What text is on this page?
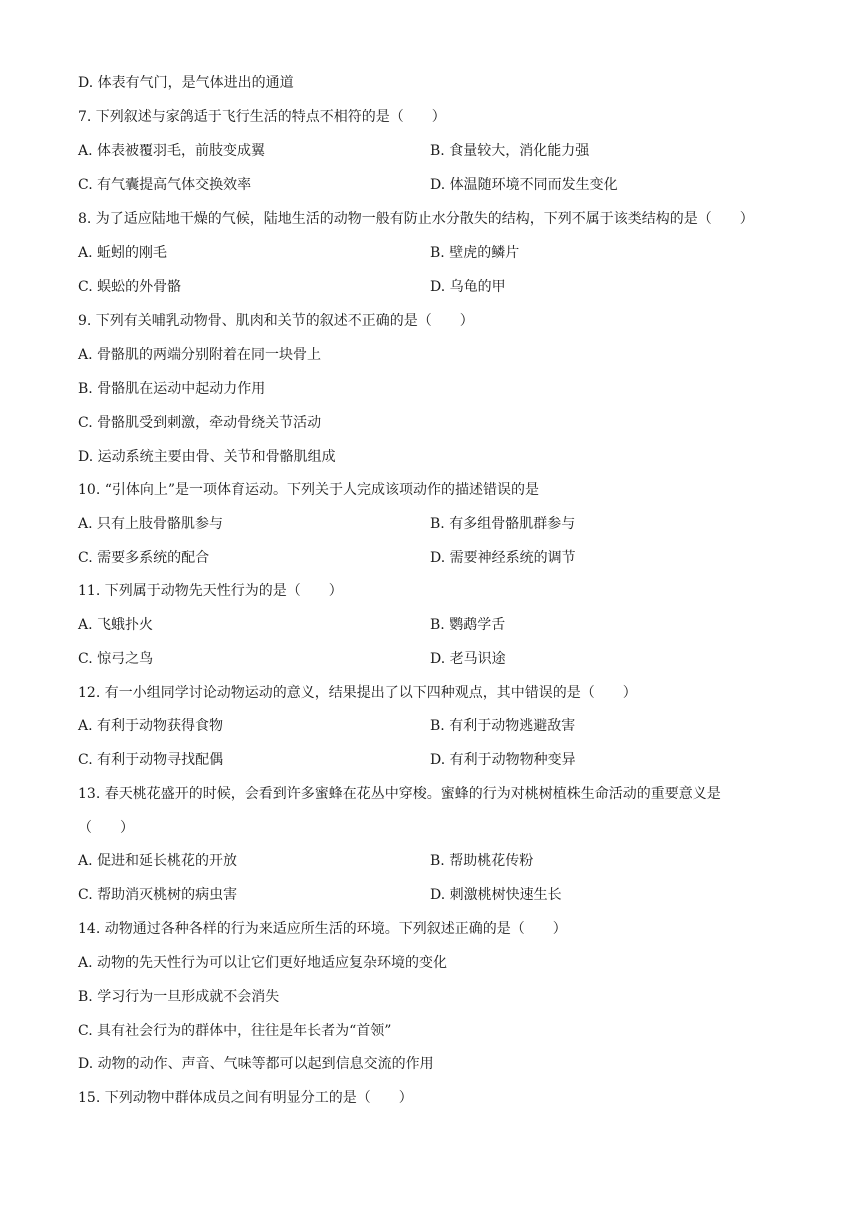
D. 体表有气门，是气体进出的通道
7. 下列叙述与家鸽适于飞行生活的特点不相符的是（　　）
A. 体表被覆羽毛，前肢变成翼	B. 食量较大，消化能力强
C. 有气囊提高气体交换效率	D. 体温随环境不同而发生变化
8. 为了适应陆地干燥的气候，陆地生活的动物一般有防止水分散失的结构，下列不属于该类结构的是（　　）
A. 蚯蚓的刚毛	B. 壁虎的鳞片
C. 蜈蚣的外骨骼	D. 乌龟的甲
9. 下列有关哺乳动物骨、肌肉和关节的叙述不正确的是（　　）
A. 骨骼肌的两端分别附着在同一块骨上
B. 骨骼肌在运动中起动力作用
C. 骨骼肌受到刺激，牵动骨绕关节活动
D. 运动系统主要由骨、关节和骨骼肌组成
10. “引体向上”是一项体育运动。下列关于人完成该项动作的描述错误的是
A. 只有上肢骨骼肌参与	B. 有多组骨骼肌群参与
C. 需要多系统的配合	D. 需要神经系统的调节
11. 下列属于动物先天性行为的是（　　）
A. 飞蛾扑火	B. 鹦鹉学舌
C. 惊弓之鸟	D. 老马识途
12. 有一小组同学讨论动物运动的意义，结果提出了以下四种观点，其中错误的是（　　）
A. 有利于动物获得食物	B. 有利于动物逃避敌害
C. 有利于动物寻找配偶	D. 有利于动物物种变异
13. 春天桃花盛开的时候，会看到许多蜜蜂在花丛中穿梭。蜜蜂的行为对桃树植株生命活动的重要意义是
（　　）
A. 促进和延长桃花的开放	B. 帮助桃花传粉
C. 帮助消灭桃树的病虫害	D. 刺激桃树快速生长
14. 动物通过各种各样的行为来适应所生活的环境。下列叙述正确的是（　　）
A. 动物的先天性行为可以让它们更好地适应复杂环境的变化
B. 学习行为一旦形成就不会消失
C. 具有社会行为的群体中，往往是年长者为“首领”
D. 动物的动作、声音、气味等都可以起到信息交流的作用
15. 下列动物中群体成员之间有明显分工的是（　　）
